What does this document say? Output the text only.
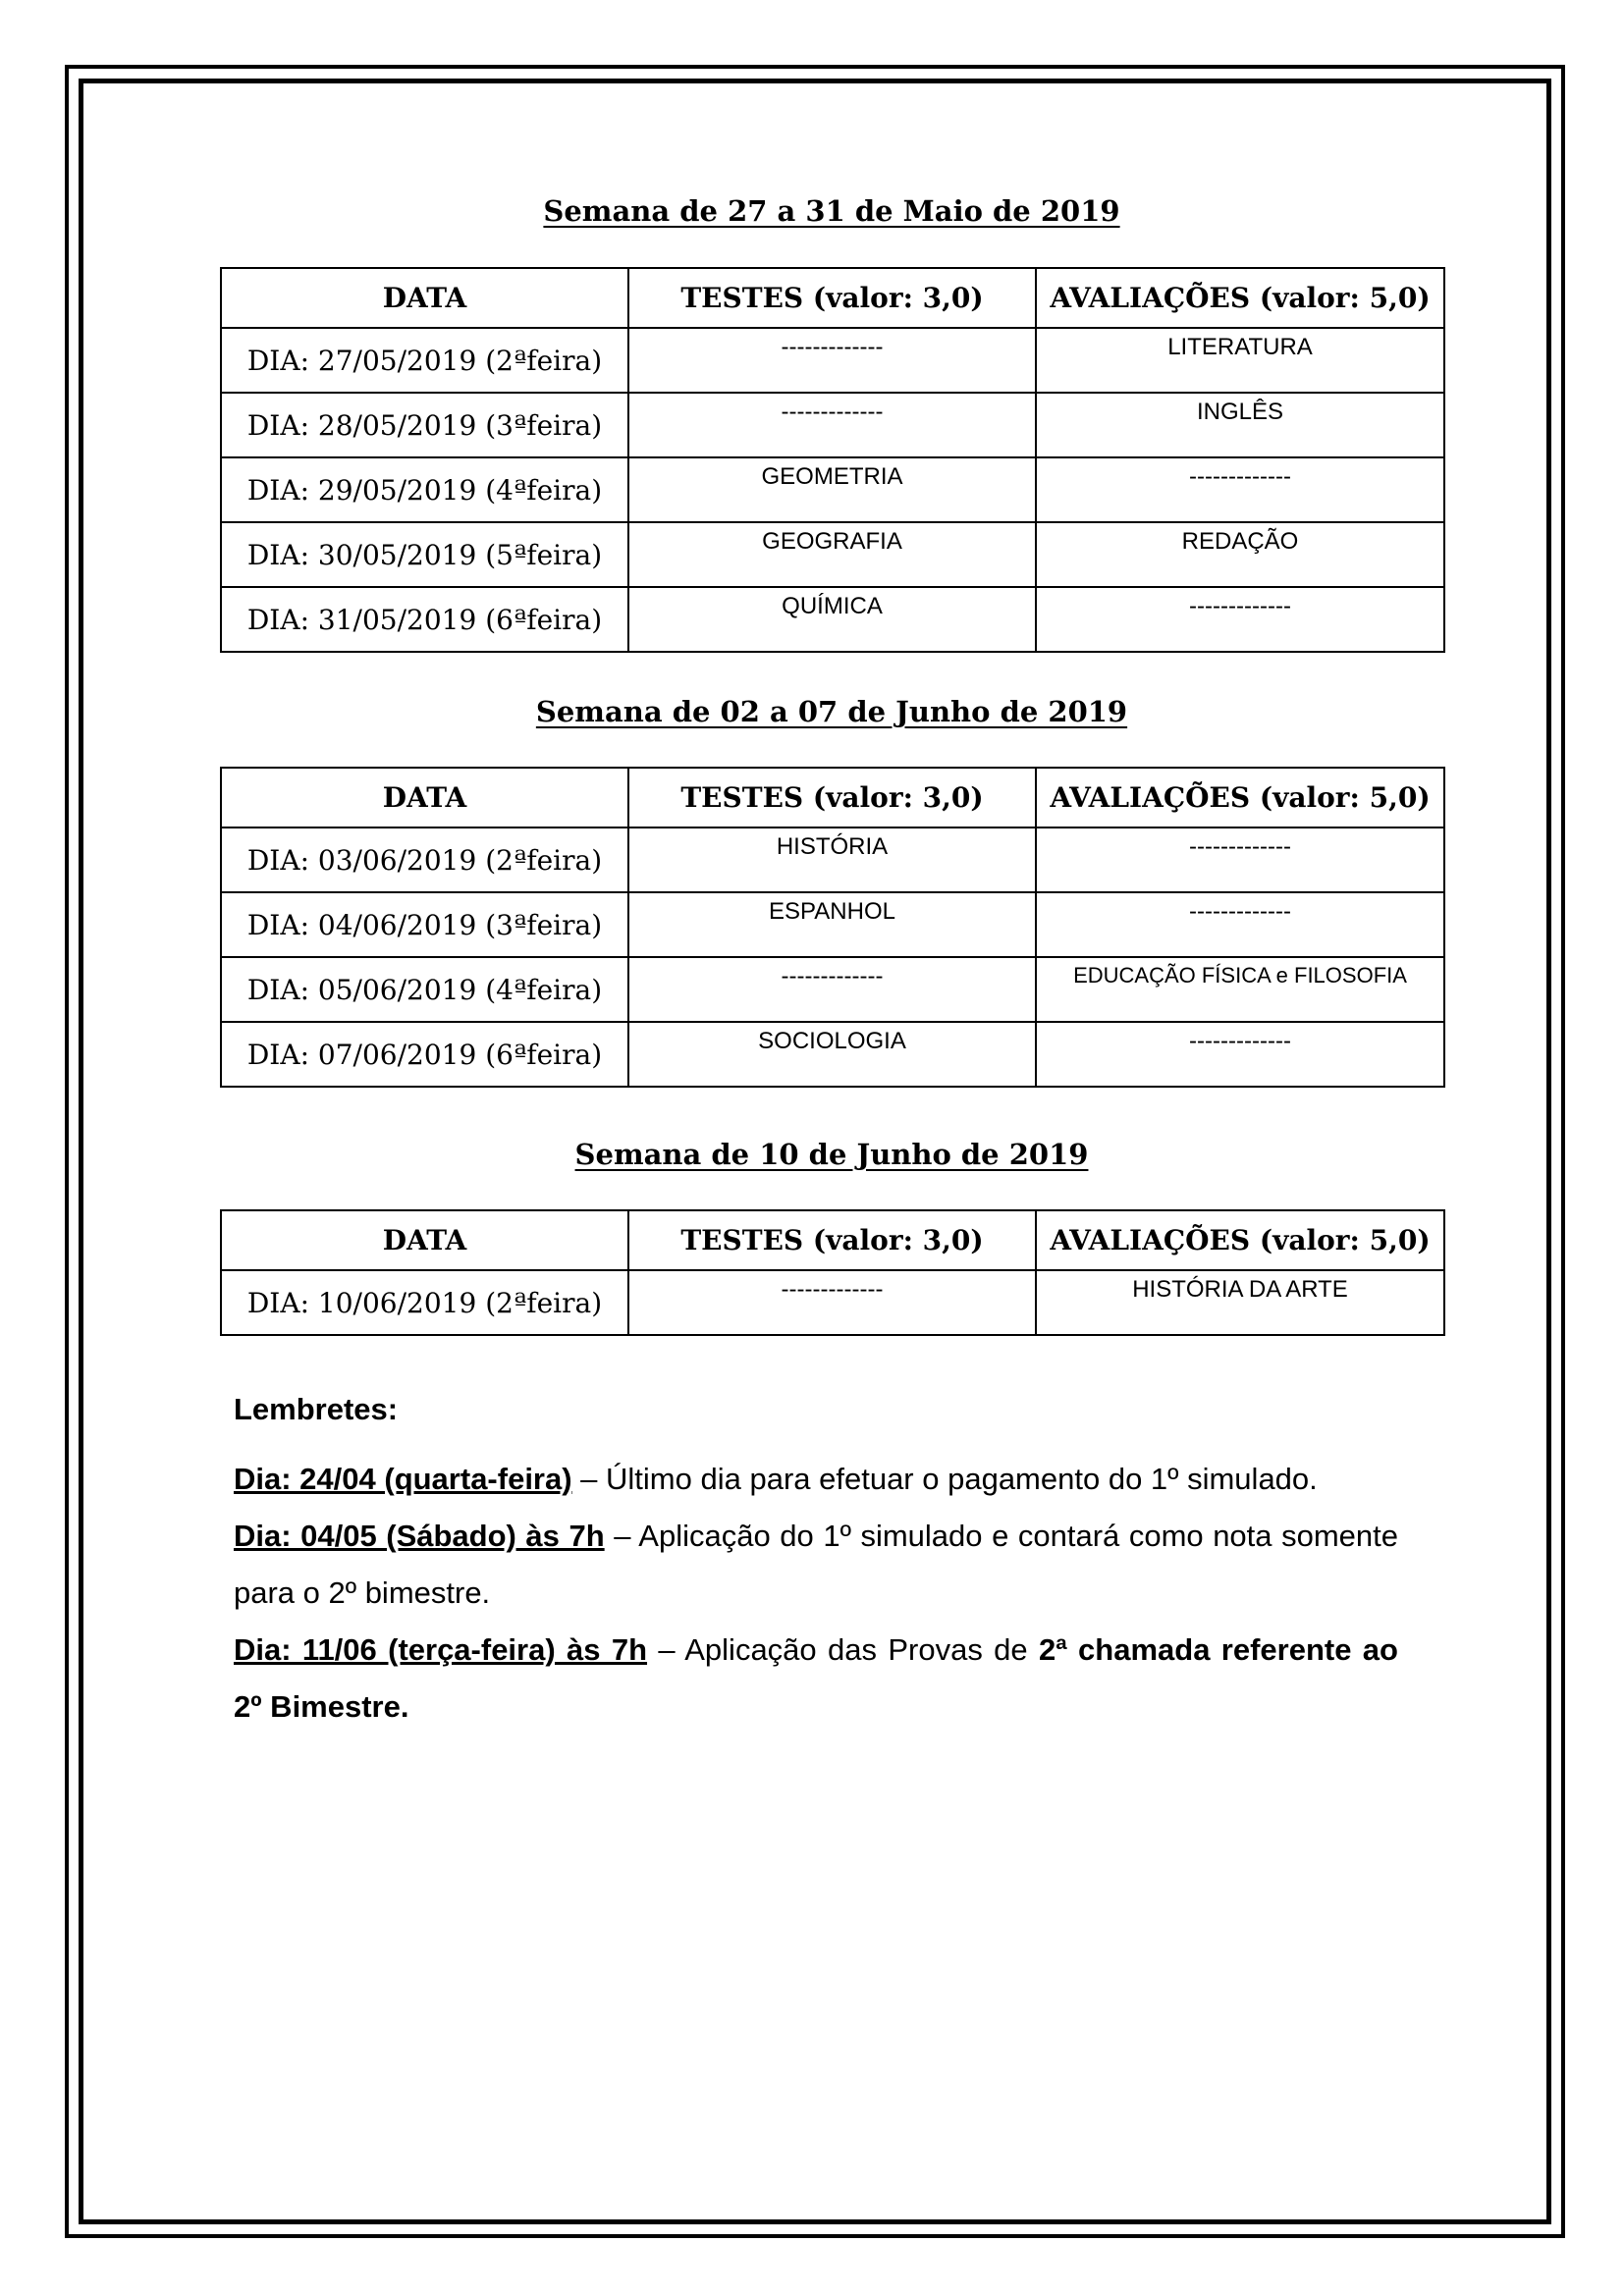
Semana de 27 a 31 de Maio de 2019
DATA	TESTES (valor: 3,0)	AVALIAÇÕES (valor: 5,0)
DIA: 27/05/2019 (2ªfeira)	-------------	LITERATURA
DIA: 28/05/2019 (3ªfeira)	-------------	INGLÊS
DIA: 29/05/2019 (4ªfeira)	GEOMETRIA	-------------
DIA: 30/05/2019 (5ªfeira)	GEOGRAFIA	REDAÇÃO
DIA: 31/05/2019 (6ªfeira)	QUÍMICA	-------------
Semana de 02 a 07 de Junho de 2019
DATA	TESTES (valor: 3,0)	AVALIAÇÕES (valor: 5,0)
DIA: 03/06/2019 (2ªfeira)	HISTÓRIA	-------------
DIA: 04/06/2019 (3ªfeira)	ESPANHOL	-------------
DIA: 05/06/2019 (4ªfeira)	-------------	EDUCAÇÃO FÍSICA e FILOSOFIA
DIA: 07/06/2019 (6ªfeira)	SOCIOLOGIA	-------------
Semana de 10 de Junho de 2019
DATA	TESTES (valor: 3,0)	AVALIAÇÕES (valor: 5,0)
DIA: 10/06/2019 (2ªfeira)	-------------	HISTÓRIA DA ARTE
Lembretes:

Dia: 24/04 (quarta-feira) – Último dia para efetuar o pagamento do 1º simulado.

Dia: 04/05 (Sábado) às 7h – Aplicação do 1º simulado e contará como nota somente para o 2º bimestre.

Dia: 11/06 (terça-feira) às 7h – Aplicação das Provas de 2ª chamada referente ao 2º Bimestre.
